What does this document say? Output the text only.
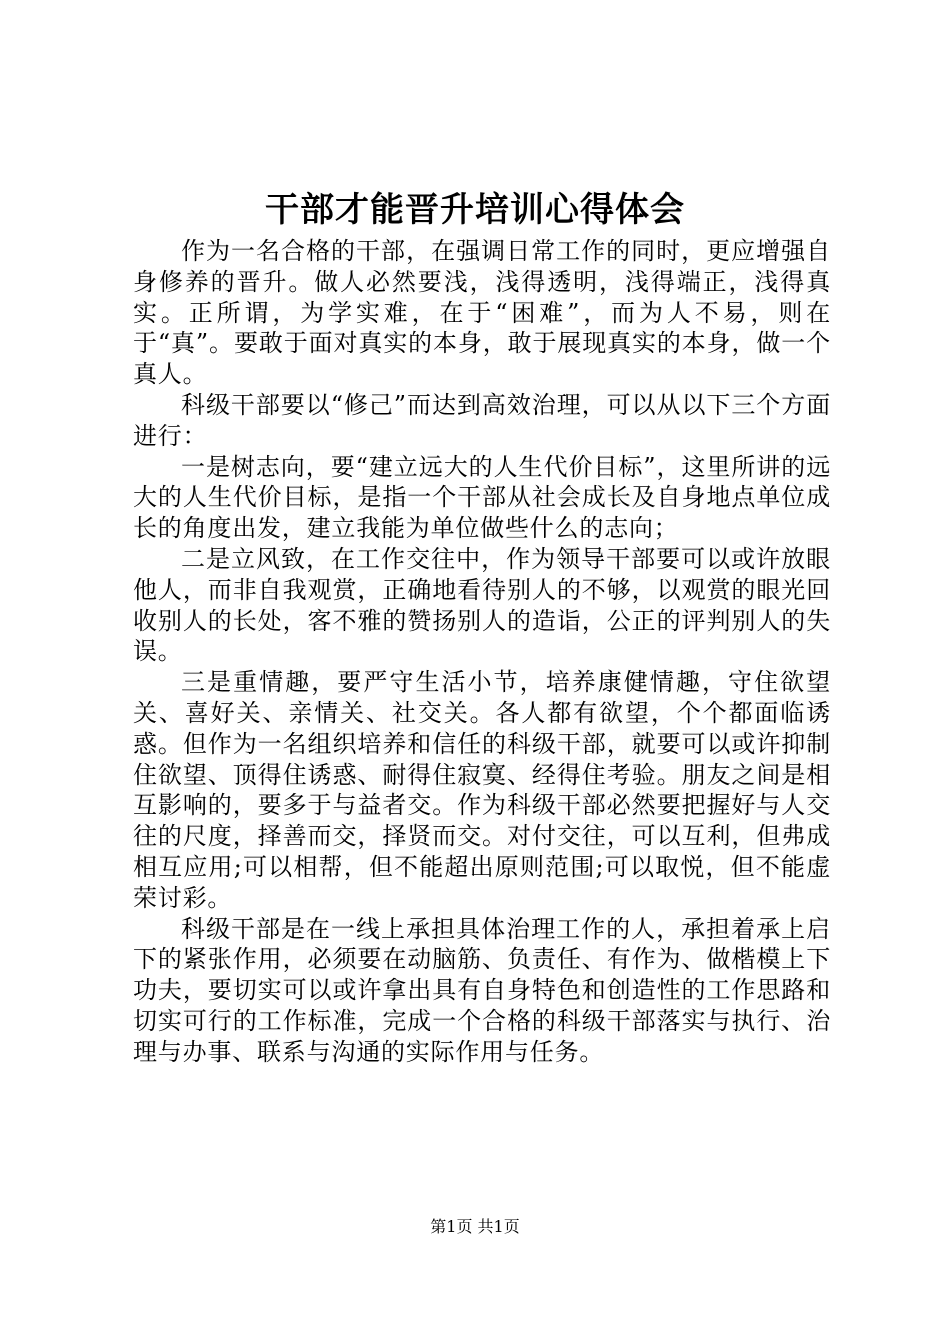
干部才能晋升培训心得体会

作为一名合格的干部，在强调日常工作的同时，更应增强自身修养的晋升。做人必然要浅，浅得透明，浅得端正，浅得真实。正所谓，为学实难，在于“困难”，而为人不易，则在于“真”。要敢于面对真实的本身，敢于展现真实的本身，做一个真人。

科级干部要以“修己”而达到高效治理，可以从以下三个方面进行：

一是树志向，要“建立远大的人生代价目标”，这里所讲的远大的人生代价目标，是指一个干部从社会成长及自身地点单位成长的角度出发，建立我能为单位做些什么的志向；

二是立风致，在工作交往中，作为领导干部要可以或许放眼他人，而非自我观赏，正确地看待别人的不够，以观赏的眼光回收别人的长处，客不雅的赞扬别人的造诣，公正的评判别人的失误。

三是重情趣，要严守生活小节，培养康健情趣，守住欲望关、喜好关、亲情关、社交关。各人都有欲望，个个都面临诱惑。但作为一名组织培养和信任的科级干部，就要可以或许抑制住欲望、顶得住诱惑、耐得住寂寞、经得住考验。朋友之间是相互影响的，要多于与益者交。作为科级干部必然要把握好与人交往的尺度，择善而交，择贤而交。对付交往，可以互利，但弗成相互应用;可以相帮，但不能超出原则范围;可以取悦，但不能虚荣讨彩。

科级干部是在一线上承担具体治理工作的人，承担着承上启下的紧张作用，必须要在动脑筋、负责任、有作为、做楷模上下功夫，要切实可以或许拿出具有自身特色和创造性的工作思路和切实可行的工作标准，完成一个合格的科级干部落实与执行、治理与办事、联系与沟通的实际作用与任务。

第1页 共1页
